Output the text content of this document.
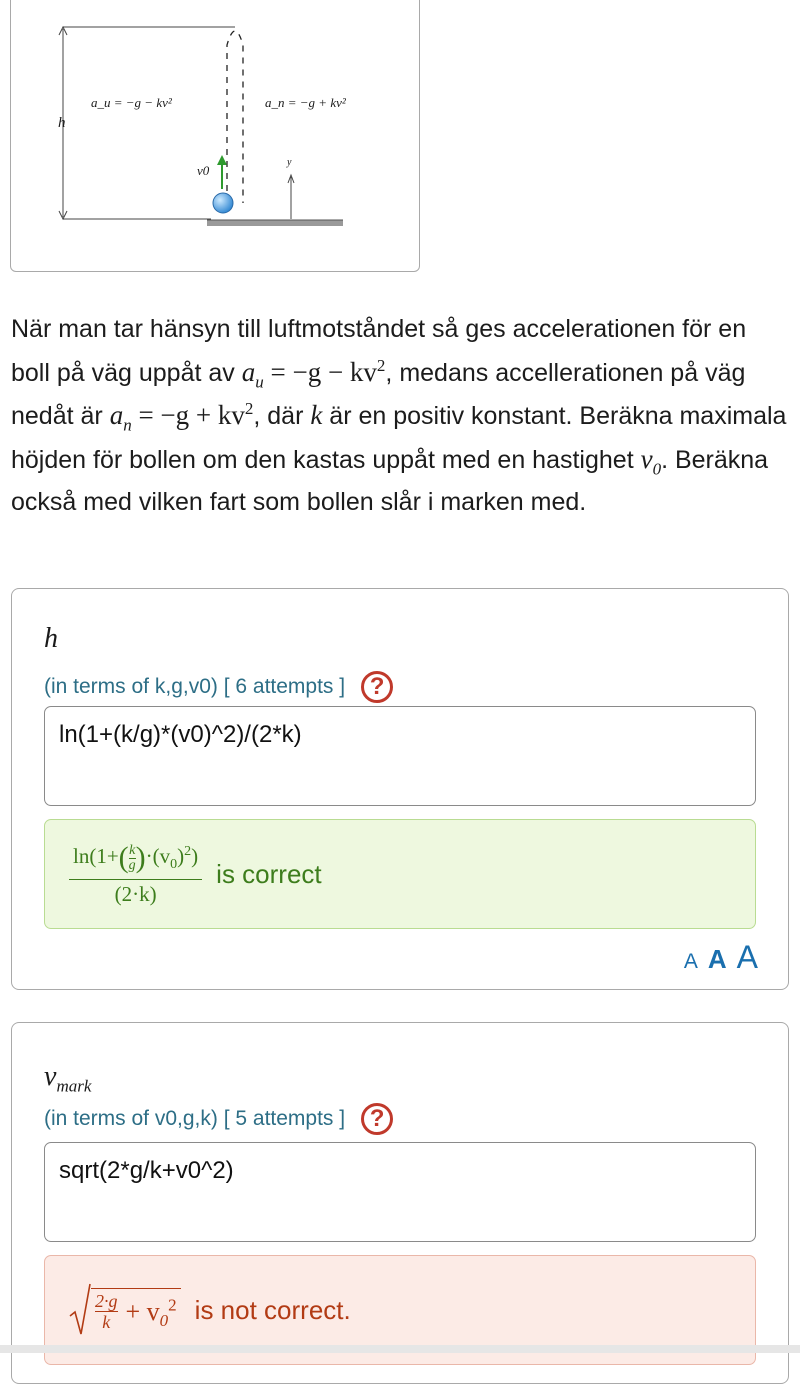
a_u = −g − kv²	a_n = −g + kv²
h
v0
y
När man tar hänsyn till luftmotståndet så ges accelerationen för en boll på väg uppåt av $a_u = -g - kv^2$, medans accellerationen på väg nedåt är $a_n = -g + kv^2$, där k är en positiv konstant. Beräkna maximala höjden för bollen om den kastas uppåt med en hastighet $v_0$. Beräkna också med vilken fart som bollen slår i marken med.
h
(in terms of k,g,v0) [ 6 attempts ]	?
ln(1+(k/g)*(v0)^2)/(2*k)
$\frac{\ln(1+( \frac{k}{g} )\cdot(v_0)^2)}{(2\cdot k)}$ is correct
A A A
$v_{mark}$
(in terms of v0,g,k) [ 5 attempts ]	?
sqrt(2*g/k+v0^2)
$\frac{2\cdot g}{k} + v_0^2$ is not correct.
